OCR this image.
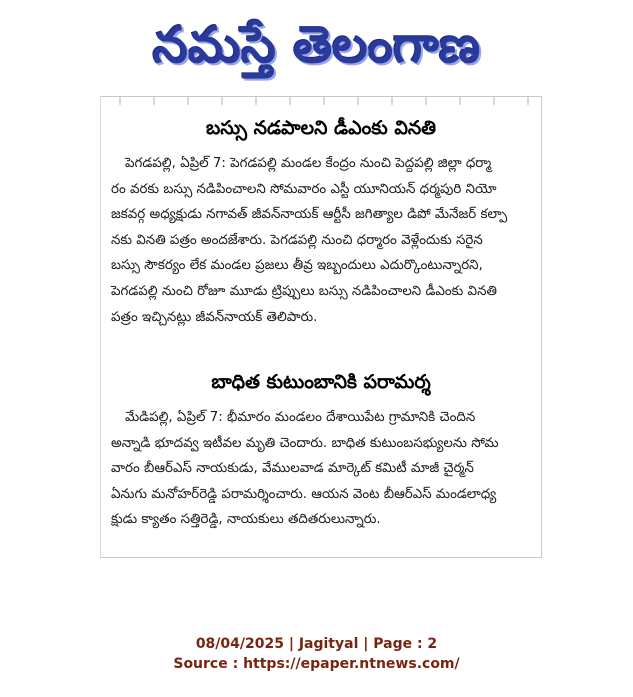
నమస్తే తెలంగాణ
బస్సు నడపాలని డీఎంకు వినతి
పెగడపల్లి, ఏప్రిల్ 7: పెగడపల్లి మండల కేంద్రం నుంచి పెద్దపల్లి జిల్లా ధర్మా
రం వరకు బస్సు నడిపించాలని సోమవారం ఎస్టీ యూనియన్ ధర్మపురి నియో
జకవర్గ అధ్యక్షుడు నగావత్ జీవన్‌నాయక్ ఆర్టీసీ జగిత్యాల డిపో మేనేజర్ కల్పా
నకు వినతి పత్రం అందజేశారు. పెగడపల్లి నుంచి ధర్మారం వెళ్లేందుకు సరైన
బస్సు సౌకర్యం లేక మండల ప్రజలు తీవ్ర ఇబ్బందులు ఎదుర్కొంటున్నారని,
పెగడపల్లి నుంచి రోజూ మూడు ట్రిప్పులు బస్సు నడిపించాలని డీఎంకు వినతి
పత్రం ఇచ్చినట్లు జీవన్‌నాయక్ తెలిపారు.
బాధిత కుటుంబానికి పరామర్శ
మేడిపల్లి, ఏప్రిల్ 7: భీమారం మండలం దేశాయిపేట గ్రామానికి చెందిన
అన్నాడి భూదవ్వ ఇటీవల మృతి చెందారు. బాధిత కుటుంబసభ్యులను సోమ
వారం బీఆర్‌ఎస్ నాయకుడు, వేములవాడ మార్కెట్ కమిటీ మాజీ చైర్మన్
ఏనుగు మనోహర్‌రెడ్డి పరామర్శించారు. ఆయన వెంట బీఆర్‌ఎస్ మండలాధ్య
క్షుడు క్యాతం సత్తిరెడ్డి, నాయకులు తదితరులున్నారు.
08/04/2025 | Jagityal | Page : 2
Source : https://epaper.ntnews.com/
